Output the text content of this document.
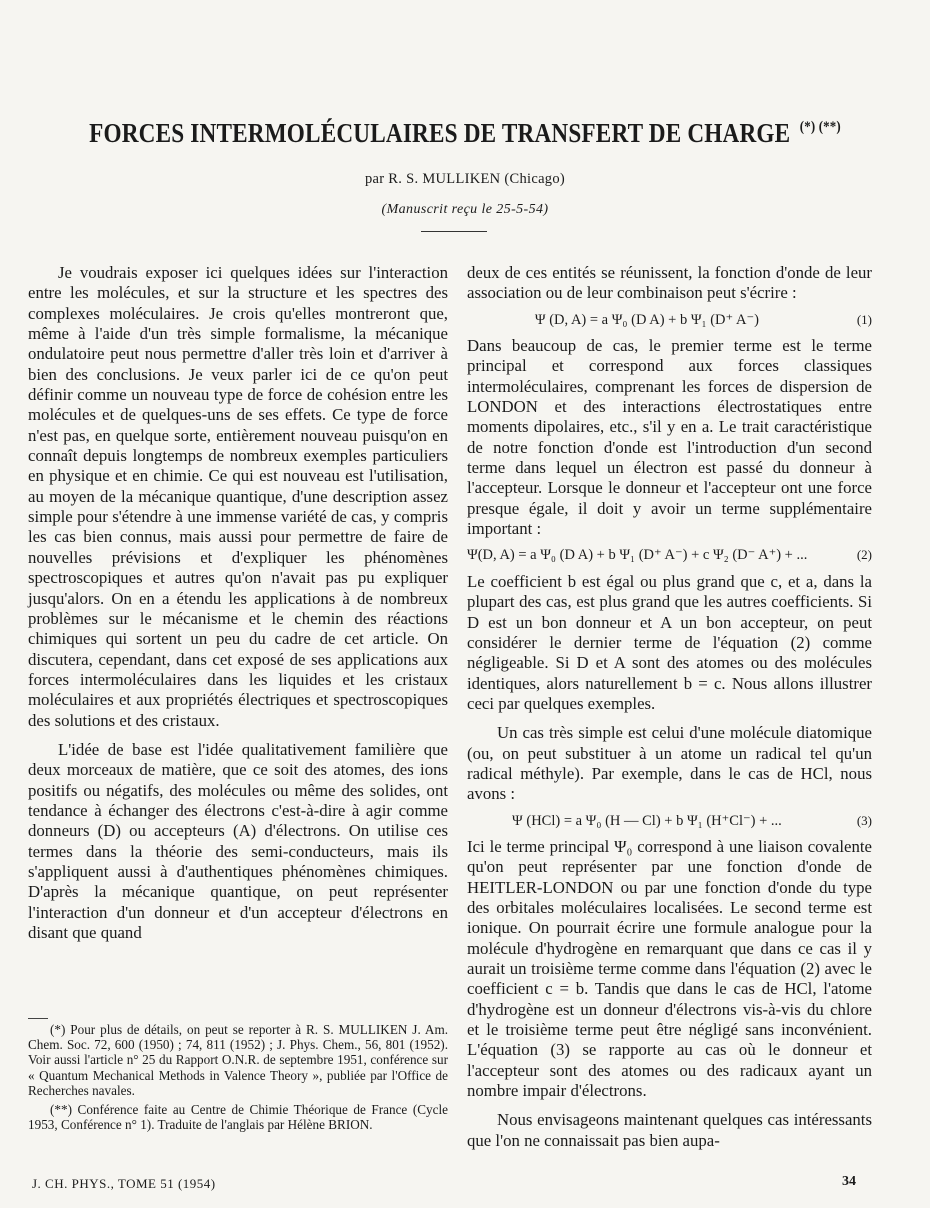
FORCES INTERMOLÉCULAIRES DE TRANSFERT DE CHARGE (*) (**)
par R. S. MULLIKEN (Chicago)
(Manuscrit reçu le 25-5-54)

Je voudrais exposer ici quelques idées sur l'interaction entre les molécules, et sur la structure et les spectres des complexes moléculaires. Je crois qu'elles montreront que, même à l'aide d'un très simple formalisme, la mécanique ondulatoire peut nous permettre d'aller très loin et d'arriver à bien des conclusions. Je veux parler ici de ce qu'on peut définir comme un nouveau type de force de cohésion entre les molécules et de quelques-uns de ses effets. Ce type de force n'est pas, en quelque sorte, entièrement nouveau puisqu'on en connaît depuis longtemps de nombreux exemples particuliers en physique et en chimie. Ce qui est nouveau est l'utilisation, au moyen de la mécanique quantique, d'une description assez simple pour s'étendre à une immense variété de cas, y compris les cas bien connus, mais aussi pour permettre de faire de nouvelles prévisions et d'expliquer les phénomènes spectroscopiques et autres qu'on n'avait pas pu expliquer jusqu'alors. On en a étendu les applications à de nombreux problèmes sur le mécanisme et le chemin des réactions chimiques qui sortent un peu du cadre de cet article. On discutera, cependant, dans cet exposé de ses applications aux forces intermoléculaires dans les liquides et les cristaux moléculaires et aux propriétés électriques et spectroscopiques des solutions et des cristaux.

L'idée de base est l'idée qualitativement familière que deux morceaux de matière, que ce soit des atomes, des ions positifs ou négatifs, des molécules ou même des solides, ont tendance à échanger des électrons c'est-à-dire à agir comme donneurs (D) ou accepteurs (A) d'électrons. On utilise ces termes dans la théorie des semi-conducteurs, mais ils s'appliquent aussi à d'authentiques phénomènes chimiques. D'après la mécanique quantique, on peut représenter l'interaction d'un donneur et d'un accepteur d'électrons en disant que quand

(*) Pour plus de détails, on peut se reporter à R. S. MULLIKEN J. Am. Chem. Soc. 72, 600 (1950) ; 74, 811 (1952) ; J. Phys. Chem., 56, 801 (1952). Voir aussi l'article n° 25 du Rapport O.N.R. de septembre 1951, conférence sur « Quantum Mechanical Methods in Valence Theory », publiée par l'Office de Recherches navales.

(**) Conférence faite au Centre de Chimie Théorique de France (Cycle 1953, Conférence n° 1). Traduite de l'anglais par Hélène BRION.

deux de ces entités se réunissent, la fonction d'onde de leur association ou de leur combinaison peut s'écrire :

Ψ (D, A) = a Ψ₀ (D A) + b Ψ₁ (D⁺ A⁻)	(1)

Dans beaucoup de cas, le premier terme est le terme principal et correspond aux forces classiques intermoléculaires, comprenant les forces de dispersion de LONDON et des interactions électrostatiques entre moments dipolaires, etc., s'il y en a. Le trait caractéristique de notre fonction d'onde est l'introduction d'un second terme dans lequel un électron est passé du donneur à l'accepteur. Lorsque le donneur et l'accepteur ont une force presque égale, il doit y avoir un terme supplémentaire important :

Ψ(D, A) = a Ψ₀ (D A) + b Ψ₁ (D⁺ A⁻) + c Ψ₂ (D⁻ A⁺) + ...	(2)

Le coefficient b est égal ou plus grand que c, et a, dans la plupart des cas, est plus grand que les autres coefficients. Si D est un bon donneur et A un bon accepteur, on peut considérer le dernier terme de l'équation (2) comme négligeable. Si D et A sont des atomes ou des molécules identiques, alors naturellement b = c. Nous allons illustrer ceci par quelques exemples.

Un cas très simple est celui d'une molécule diatomique (ou, on peut substituer à un atome un radical tel qu'un radical méthyle). Par exemple, dans le cas de HCl, nous avons :

Ψ (HCl) = a Ψ₀ (H — Cl) + b Ψ₁ (H⁺Cl⁻) + ...	(3)

Ici le terme principal Ψ₀ correspond à une liaison covalente qu'on peut représenter par une fonction d'onde de HEITLER-LONDON ou par une fonction d'onde du type des orbitales moléculaires localisées. Le second terme est ionique. On pourrait écrire une formule analogue pour la molécule d'hydrogène en remarquant que dans ce cas il y aurait un troisième terme comme dans l'équation (2) avec le coefficient c = b. Tandis que dans le cas de HCl, l'atome d'hydrogène est un donneur d'électrons vis-à-vis du chlore et le troisième terme peut être négligé sans inconvénient. L'équation (3) se rapporte au cas où le donneur et l'accepteur sont des atomes ou des radicaux ayant un nombre impair d'électrons.

Nous envisageons maintenant quelques cas intéressants que l'on ne connaissait pas bien aupa-

J. CH. PHYS., TOME 51 (1954)	34
